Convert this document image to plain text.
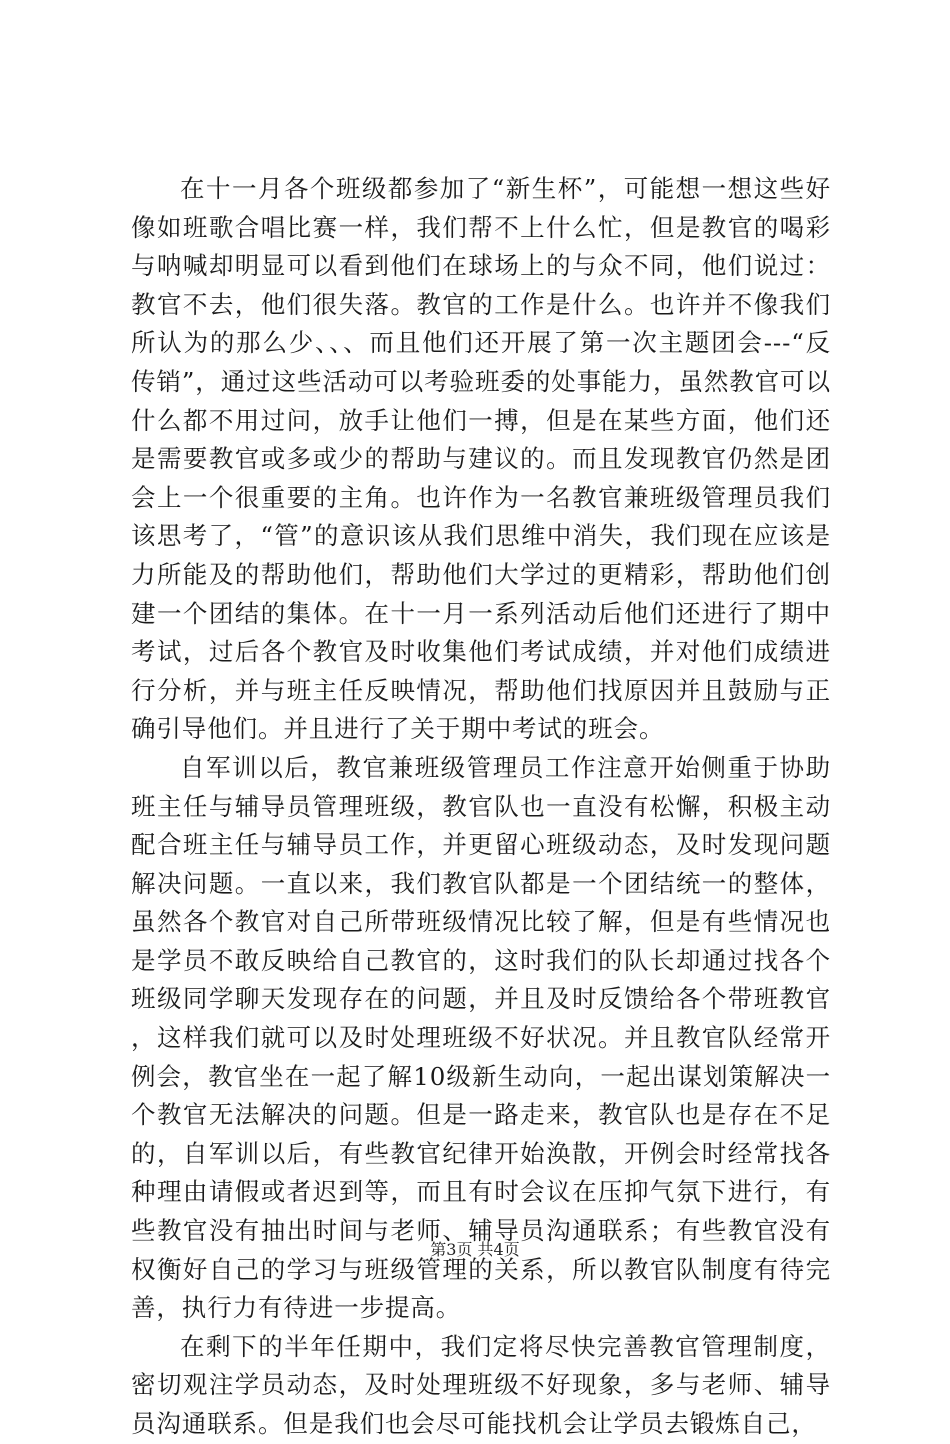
在十一月各个班级都参加了“新生杯”，可能想一想这些好像如班歌合唱比赛一样，我们帮不上什么忙，但是教官的喝彩与呐喊却明显可以看到他们在球场上的与众不同，他们说过：教官不去，他们很失落。教官的工作是什么。也许并不像我们所认为的那么少、、、而且他们还开展了第一次主题团会---“反传销”，通过这些活动可以考验班委的处事能力，虽然教官可以什么都不用过问，放手让他们一搏，但是在某些方面，他们还是需要教官或多或少的帮助与建议的。而且发现教官仍然是团会上一个很重要的主角。也许作为一名教官兼班级管理员我们该思考了，“管”的意识该从我们思维中消失，我们现在应该是力所能及的帮助他们，帮助他们大学过的更精彩，帮助他们创建一个团结的集体。在十一月一系列活动后他们还进行了期中考试，过后各个教官及时收集他们考试成绩，并对他们成绩进行分析，并与班主任反映情况，帮助他们找原因并且鼓励与正确引导他们。并且进行了关于期中考试的班会。

自军训以后，教官兼班级管理员工作注意开始侧重于协助班主任与辅导员管理班级，教官队也一直没有松懈，积极主动配合班主任与辅导员工作，并更留心班级动态，及时发现问题解决问题。一直以来，我们教官队都是一个团结统一的整体，虽然各个教官对自己所带班级情况比较了解，但是有些情况也是学员不敢反映给自己教官的，这时我们的队长却通过找各个班级同学聊天发现存在的问题，并且及时反馈给各个带班教官，这样我们就可以及时处理班级不好状况。并且教官队经常开例会，教官坐在一起了解10级新生动向，一起出谋划策解决一个教官无法解决的问题。但是一路走来，教官队也是存在不足的，自军训以后，有些教官纪律开始涣散，开例会时经常找各种理由请假或者迟到等，而且有时会议在压抑气氛下进行，有些教官没有抽出时间与老师、辅导员沟通联系；有些教官没有权衡好自己的学习与班级管理的关系，所以教官队制度有待完善，执行力有待进一步提高。

在剩下的半年任期中，我们定将尽快完善教官管理制度，密切观注学员动态，及时处理班级不好现象，多与老师、辅导员沟通联系。但是我们也会尽可能找机会让学员去锻炼自己，

第3页 共4页
